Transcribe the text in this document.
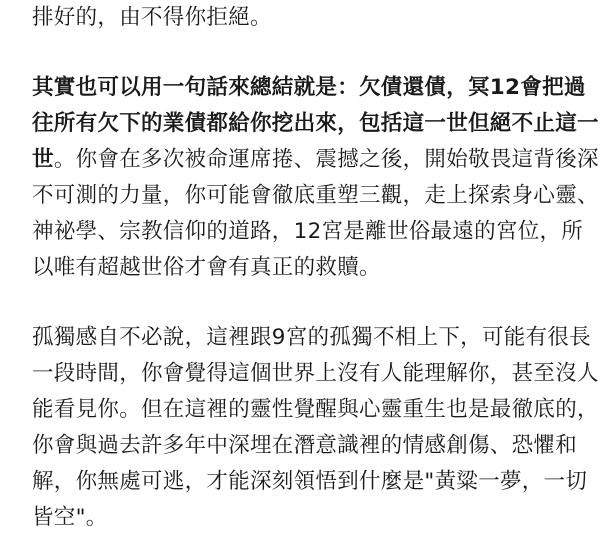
排好的，由不得你拒絕。
其實也可以用一句話來總結就是：欠債還債，冥12會把過
往所有欠下的業債都給你挖出來，包括這一世但絕不止這一
世。你會在多次被命運席捲、震撼之後，開始敬畏這背後深
不可測的力量，你可能會徹底重塑三觀，走上探索身心靈、
神祕學、宗教信仰的道路，12宮是離世俗最遠的宮位，所
以唯有超越世俗才會有真正的救贖。
孤獨感自不必說，這裡跟9宮的孤獨不相上下，可能有很長
一段時間，你會覺得這個世界上沒有人能理解你，甚至沒人
能看見你。但在這裡的靈性覺醒與心靈重生也是最徹底的，
你會與過去許多年中深埋在潛意識裡的情感創傷、恐懼和
解，你無處可逃，才能深刻領悟到什麼是"黃粱一夢，一切
皆空"。
